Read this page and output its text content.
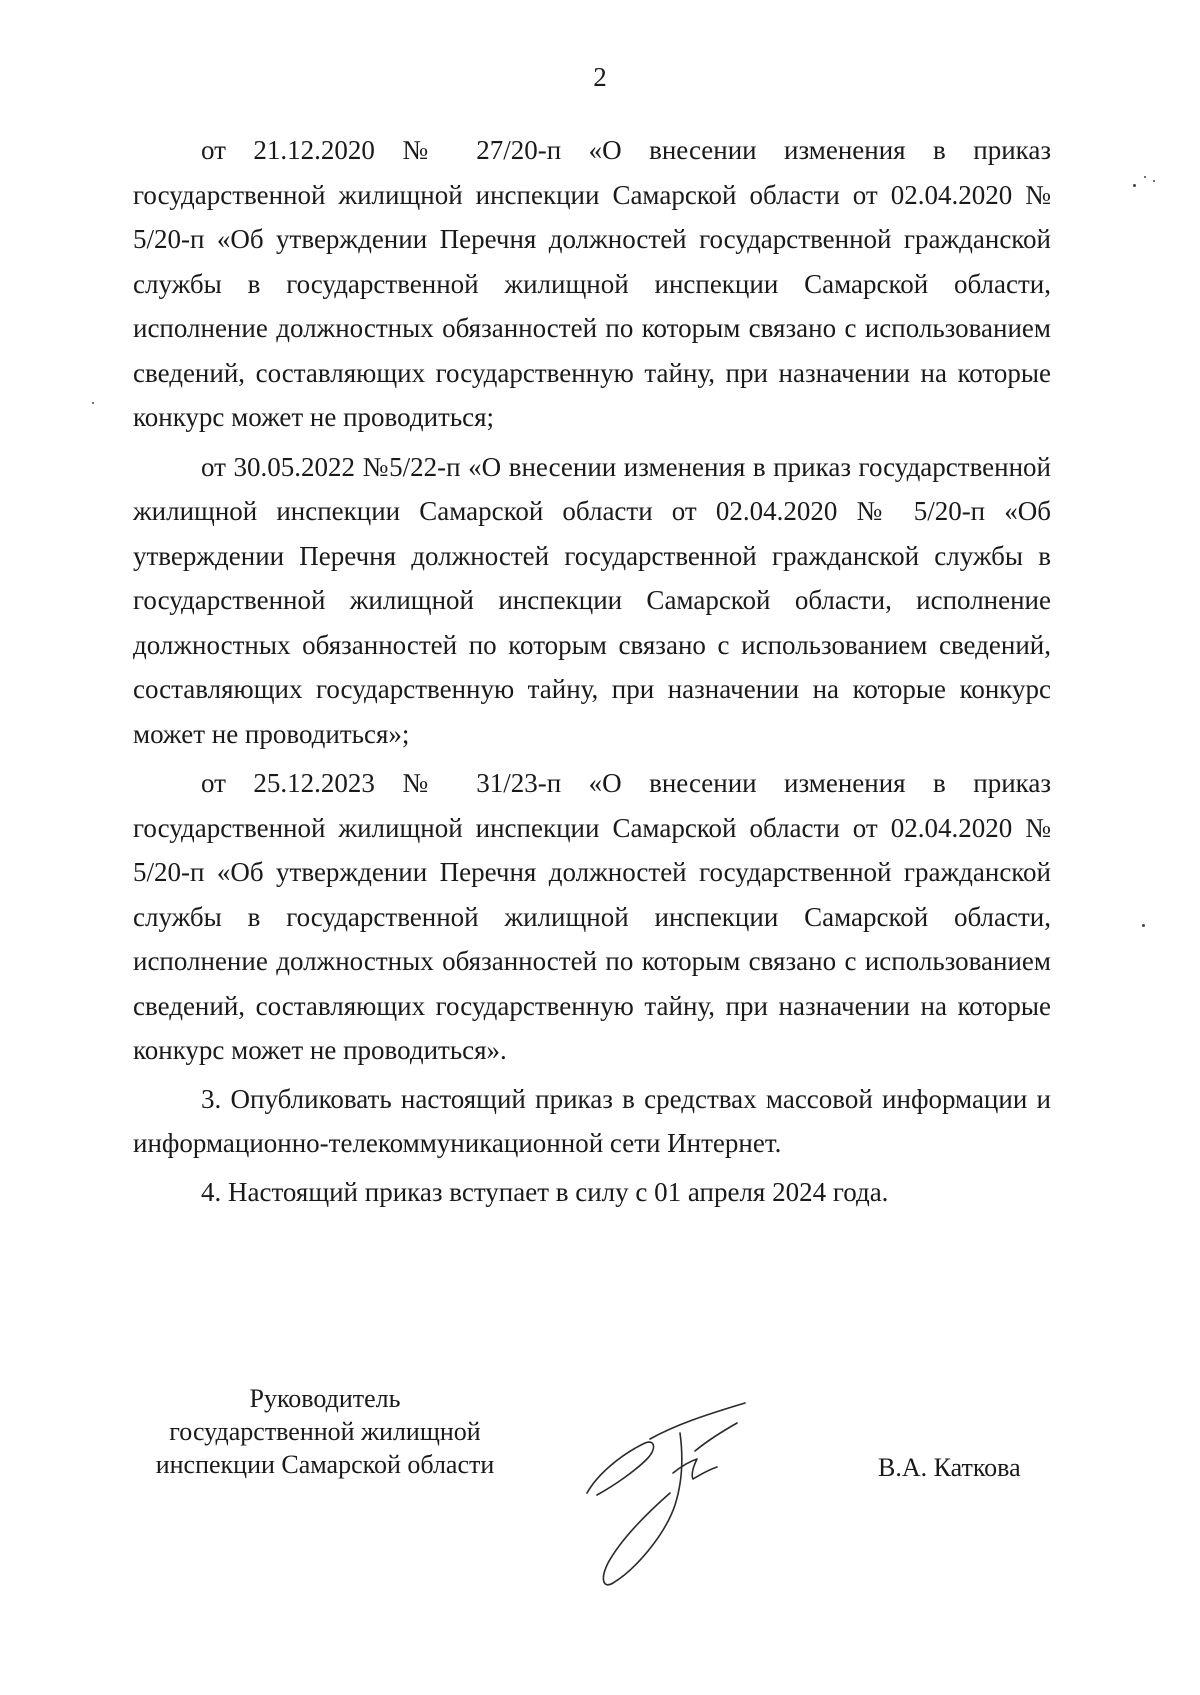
2

от 21.12.2020 № 27/20-п «О внесении изменения в приказ государственной жилищной инспекции Самарской области от 02.04.2020 № 5/20-п «Об утверждении Перечня должностей государственной гражданской службы в государственной жилищной инспекции Самарской области, исполнение должностных обязанностей по которым связано с использованием сведений, составляющих государственную тайну, при назначении на которые конкурс может не проводиться;

от 30.05.2022 №5/22-п «О внесении изменения в приказ государственной жилищной инспекции Самарской области от 02.04.2020 № 5/20-п «Об утверждении Перечня должностей государственной гражданской службы в государственной жилищной инспекции Самарской области, исполнение должностных обязанностей по которым связано с использованием сведений, составляющих государственную тайну, при назначении на которые конкурс может не проводиться»;

от 25.12.2023 № 31/23-п «О внесении изменения в приказ государственной жилищной инспекции Самарской области от 02.04.2020 № 5/20-п «Об утверждении Перечня должностей государственной гражданской службы в государственной жилищной инспекции Самарской области, исполнение должностных обязанностей по которым связано с использованием сведений, составляющих государственную тайну, при назначении на которые конкурс может не проводиться».

3. Опубликовать настоящий приказ в средствах массовой информации и информационно-телекоммуникационной сети Интернет.

4. Настоящий приказ вступает в силу с 01 апреля 2024 года.

Руководитель
государственной жилищной
инспекции Самарской области	В.А. Каткова
